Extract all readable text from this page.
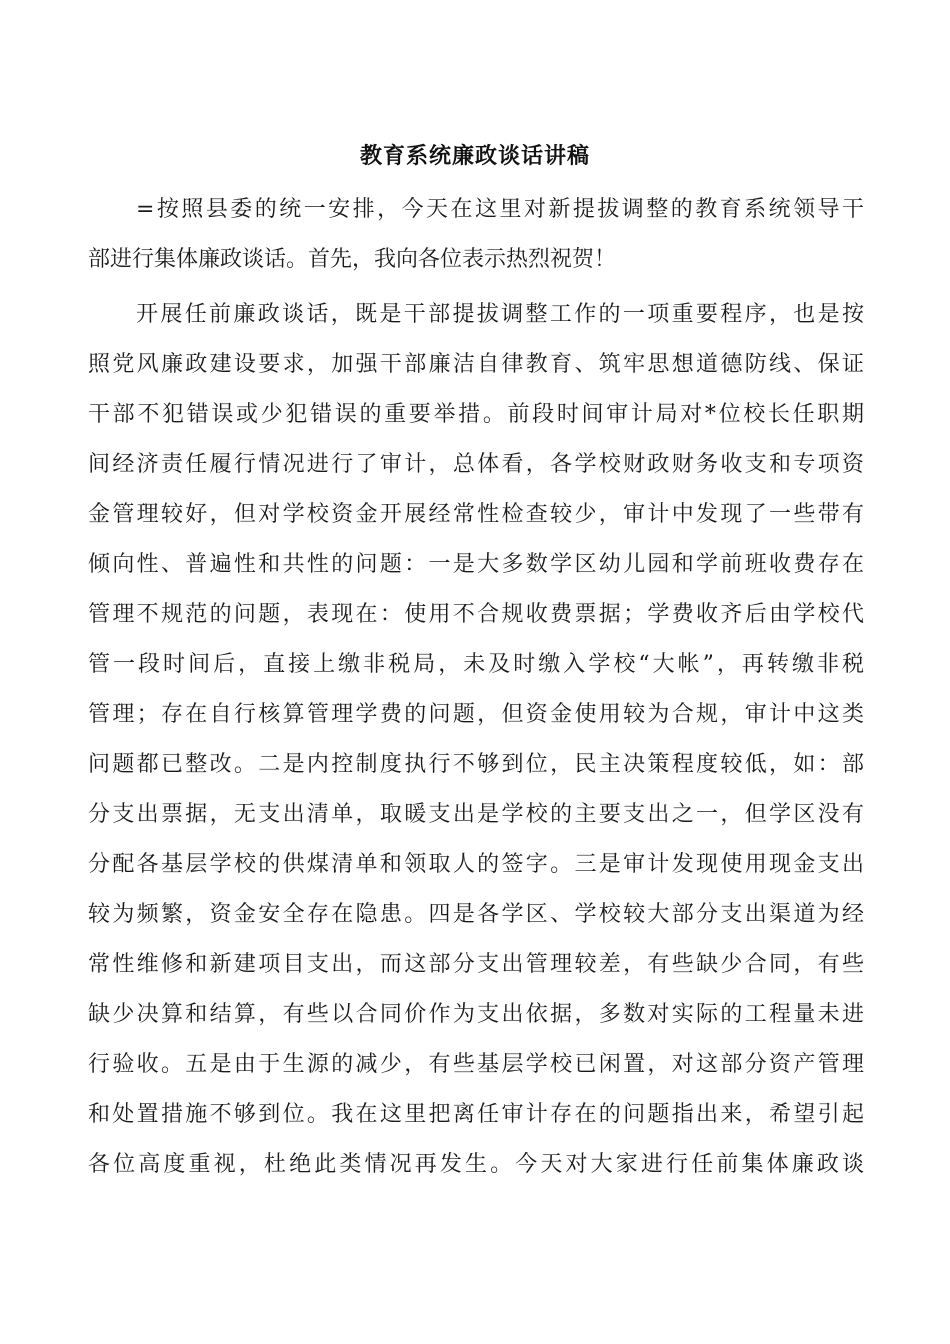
教育系统廉政谈话讲稿
=按照县委的统一安排，今天在这里对新提拔调整的教育系统领导干
部进行集体廉政谈话。首先，我向各位表示热烈祝贺！
开展任前廉政谈话，既是干部提拔调整工作的一项重要程序，也是按
照党风廉政建设要求，加强干部廉洁自律教育、筑牢思想道德防线、保证
干部不犯错误或少犯错误的重要举措。前段时间审计局对*位校长任职期
间经济责任履行情况进行了审计，总体看，各学校财政财务收支和专项资
金管理较好，但对学校资金开展经常性检查较少，审计中发现了一些带有
倾向性、普遍性和共性的问题：一是大多数学区幼儿园和学前班收费存在
管理不规范的问题，表现在：使用不合规收费票据；学费收齐后由学校代
管一段时间后，直接上缴非税局，未及时缴入学校“大帐”，再转缴非税
管理；存在自行核算管理学费的问题，但资金使用较为合规，审计中这类
问题都已整改。二是内控制度执行不够到位，民主决策程度较低，如：部
分支出票据，无支出清单，取暖支出是学校的主要支出之一，但学区没有
分配各基层学校的供煤清单和领取人的签字。三是审计发现使用现金支出
较为频繁，资金安全存在隐患。四是各学区、学校较大部分支出渠道为经
常性维修和新建项目支出，而这部分支出管理较差，有些缺少合同，有些
缺少决算和结算，有些以合同价作为支出依据，多数对实际的工程量未进
行验收。五是由于生源的减少，有些基层学校已闲置，对这部分资产管理
和处置措施不够到位。我在这里把离任审计存在的问题指出来，希望引起
各位高度重视，杜绝此类情况再发生。今天对大家进行任前集体廉政谈
